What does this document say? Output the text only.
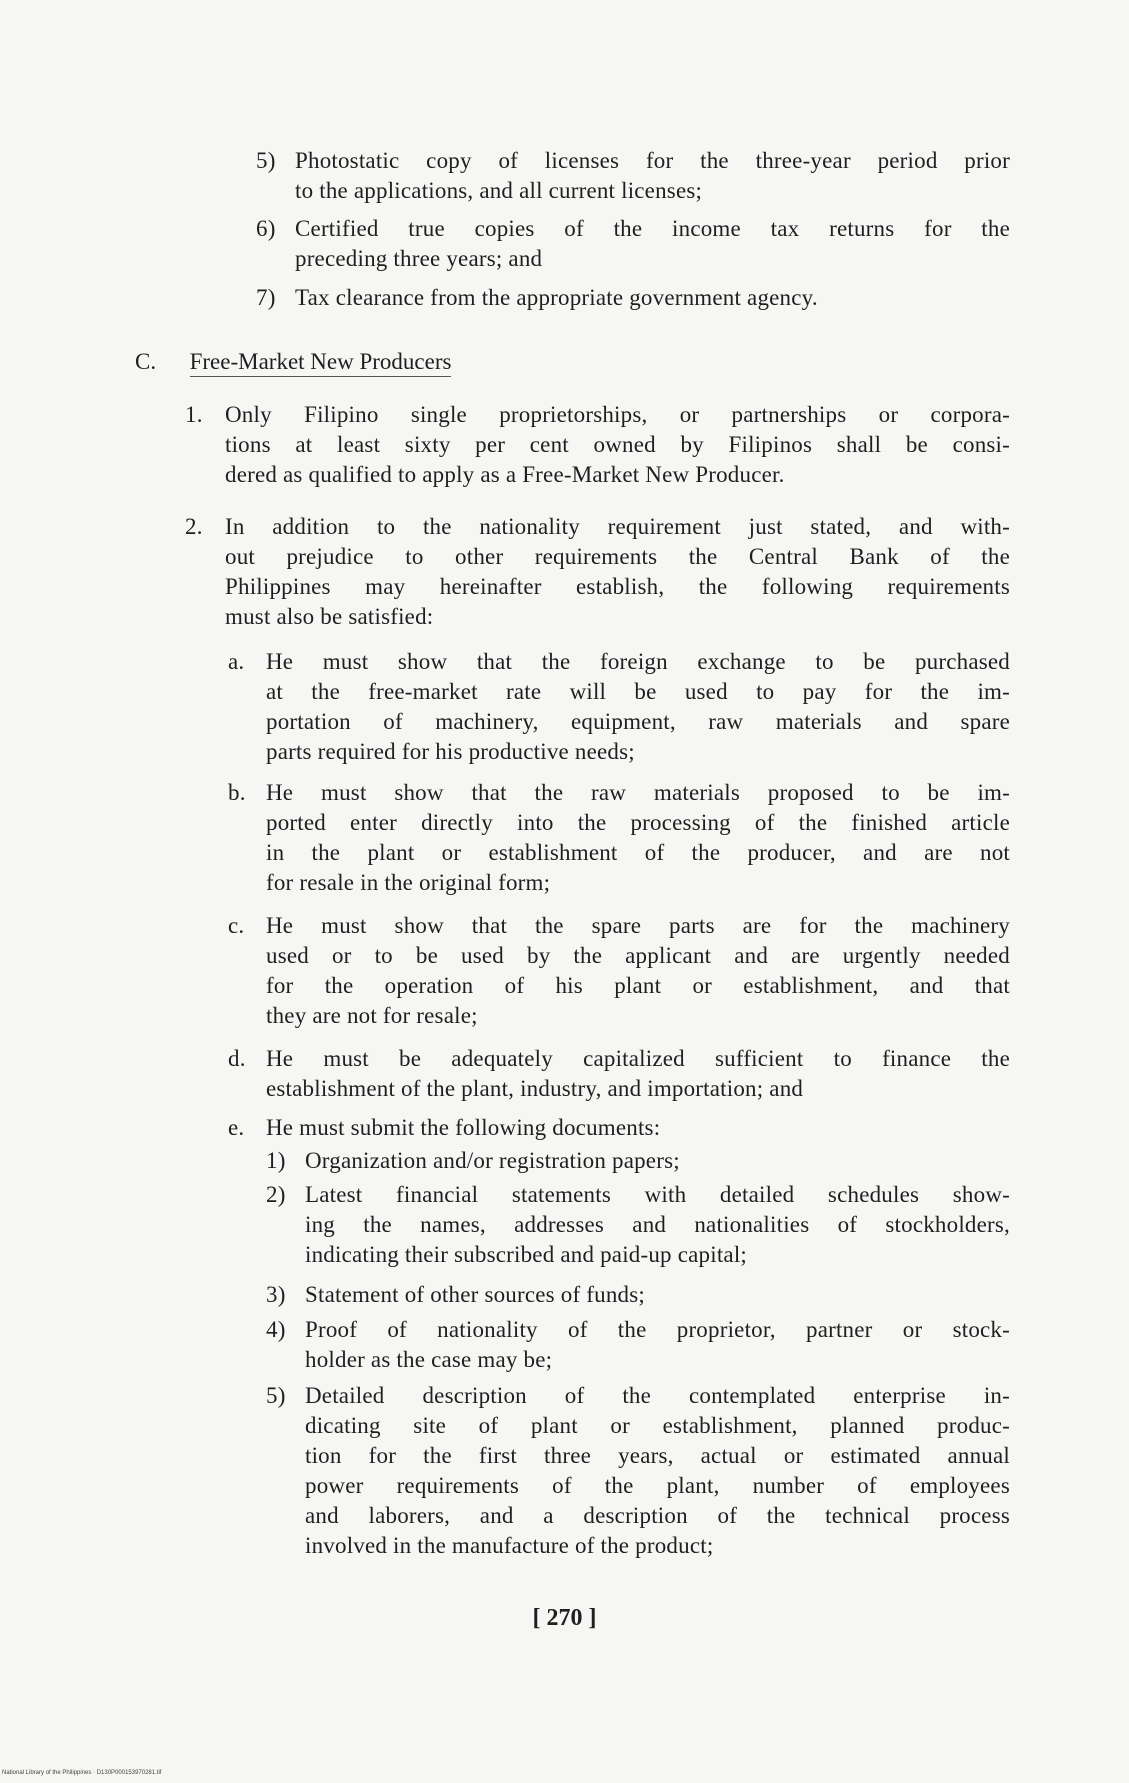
5) Photostatic copy of licenses for the three-year period prior
to the applications, and all current licenses;
6) Certified true copies of the income tax returns for the
preceding three years; and
7) Tax clearance from the appropriate government agency.
C. Free-Market New Producers
1. Only Filipino single proprietorships, or partnerships or corpora-
tions at least sixty per cent owned by Filipinos shall be consi-
dered as qualified to apply as a Free-Market New Producer.
2. In addition to the nationality requirement just stated, and with-
out prejudice to other requirements the Central Bank of the
Philippines may hereinafter establish, the following requirements
must also be satisfied:
a. He must show that the foreign exchange to be purchased
at the free-market rate will be used to pay for the im-
portation of machinery, equipment, raw materials and spare
parts required for his productive needs;
b. He must show that the raw materials proposed to be im-
ported enter directly into the processing of the finished article
in the plant or establishment of the producer, and are not
for resale in the original form;
c. He must show that the spare parts are for the machinery
used or to be used by the applicant and are urgently needed
for the operation of his plant or establishment, and that
they are not for resale;
d. He must be adequately capitalized sufficient to finance the
establishment of the plant, industry, and importation; and
e. He must submit the following documents:
1) Organization and/or registration papers;
2) Latest financial statements with detailed schedules show-
ing the names, addresses and nationalities of stockholders,
indicating their subscribed and paid-up capital;
3) Statement of other sources of funds;
4) Proof of nationality of the proprietor, partner or stock-
holder as the case may be;
5) Detailed description of the contemplated enterprise in-
dicating site of plant or establishment, planned produc-
tion for the first three years, actual or estimated annual
power requirements of the plant, number of employees
and laborers, and a description of the technical process
involved in the manufacture of the product;
[ 270 ]
National Library of the Philippines · D130P000153970281.tif
